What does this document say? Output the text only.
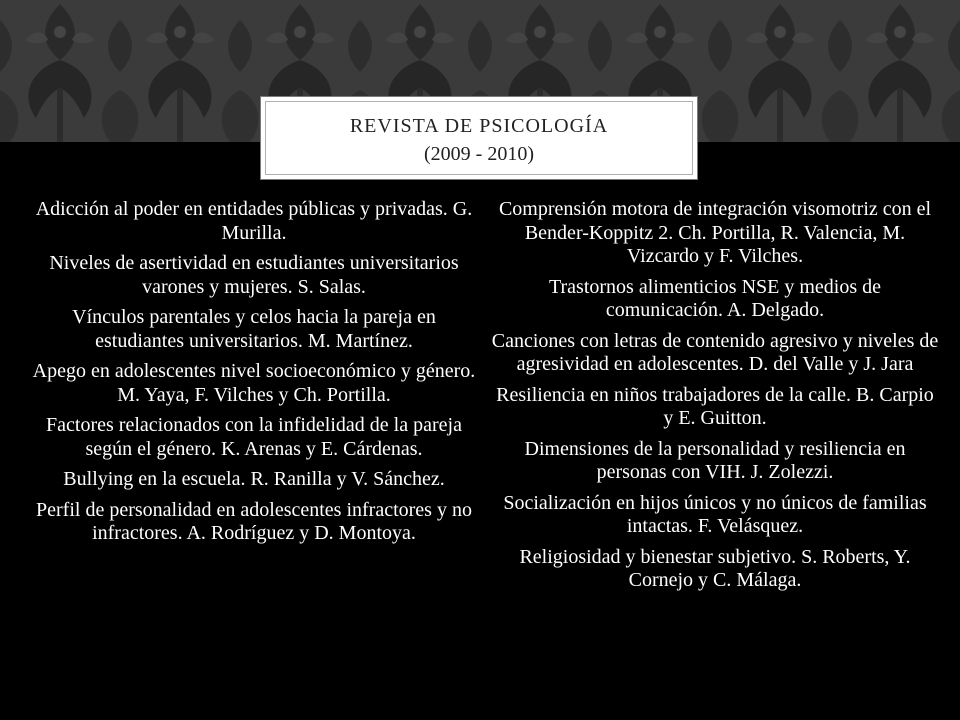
REVISTA DE PSICOLOGÍA
(2009 - 2010)

Adicción al poder en entidades públicas y privadas. G. Murilla.

Niveles de asertividad en estudiantes universitarios varones y mujeres. S. Salas.

Vínculos parentales y celos hacia la pareja en estudiantes universitarios. M. Martínez.

Apego en adolescentes nivel socioeconómico y género. M. Yaya, F. Vilches y Ch. Portilla.

Factores relacionados con la infidelidad de la pareja según el género. K. Arenas y E. Cárdenas.

Bullying en la escuela. R. Ranilla y V. Sánchez.

Perfil de personalidad en adolescentes infractores y no infractores. A. Rodríguez y D. Montoya.

Comprensión motora de integración visomotriz con el Bender-Koppitz 2. Ch. Portilla, R. Valencia, M. Vizcardo y F. Vilches.

Trastornos alimenticios NSE y medios de comunicación. A. Delgado.

Canciones con letras de contenido agresivo y niveles de agresividad en adolescentes. D. del Valle y J. Jara

Resiliencia en niños trabajadores de la calle. B. Carpio y E. Guitton.

Dimensiones de la personalidad y resiliencia en personas con VIH. J. Zolezzi.

Socialización en hijos únicos y no únicos de familias intactas. F. Velásquez.

Religiosidad y bienestar subjetivo. S. Roberts, Y. Cornejo y C. Málaga.
